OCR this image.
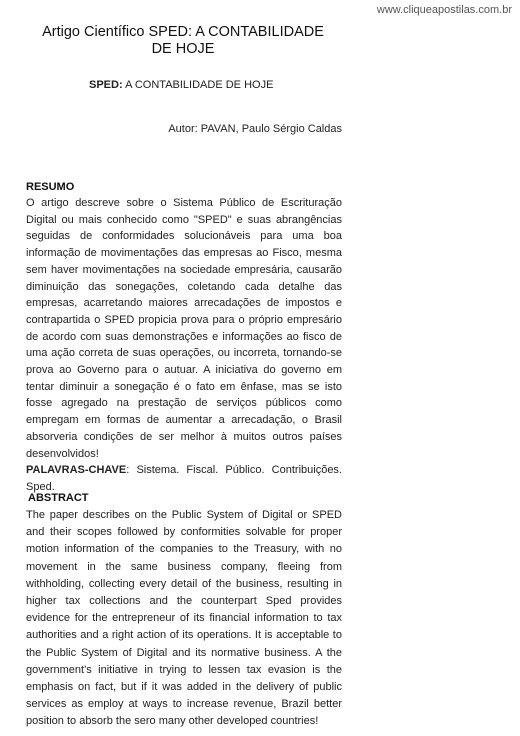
www.cliqueapostilas.com.br
Artigo Científico SPED: A CONTABILIDADE
DE HOJE
SPED: A CONTABILIDADE DE HOJE
Autor: PAVAN, Paulo Sérgio Caldas
RESUMO
O artigo descreve sobre o Sistema Público de Escrituração Digital ou mais conhecido como "SPED" e suas abrangências seguidas de conformidades solucionáveis para uma boa informação de movimentações das empresas ao Fisco, mesma sem haver movimentações na sociedade empresária, causarão diminuição das sonegações, coletando cada detalhe das empresas, acarretando maiores arrecadações de impostos e contrapartida o SPED propicia prova para o próprio empresário de acordo com suas demonstrações e informações ao fisco de uma ação correta de suas operações, ou incorreta, tornando-se prova ao Governo para o autuar. A iniciativa do governo em tentar diminuir a sonegação é o fato em ênfase, mas se isto fosse agregado na prestação de serviços públicos como empregam em formas de aumentar a arrecadação, o Brasil absorveria condições de ser melhor à muitos outros países desenvolvidos!
PALAVRAS-CHAVE: Sistema. Fiscal. Público. Contribuições. Sped.
ABSTRACT
The paper describes on the Public System of Digital or SPED and their scopes followed by conformities solvable for proper motion information of the companies to the Treasury, with no movement in the same business company, fleeing from withholding, collecting every detail of the business, resulting in higher tax collections and the counterpart Sped provides evidence for the entrepreneur of its financial information to tax authorities and a right action of its operations. It is acceptable to the Public System of Digital and its normative business. A the government's initiative in trying to lessen tax evasion is the emphasis on fact, but if it was added in the delivery of public services as employ at ways to increase revenue, Brazil better position to absorb the sero many other developed countries!
